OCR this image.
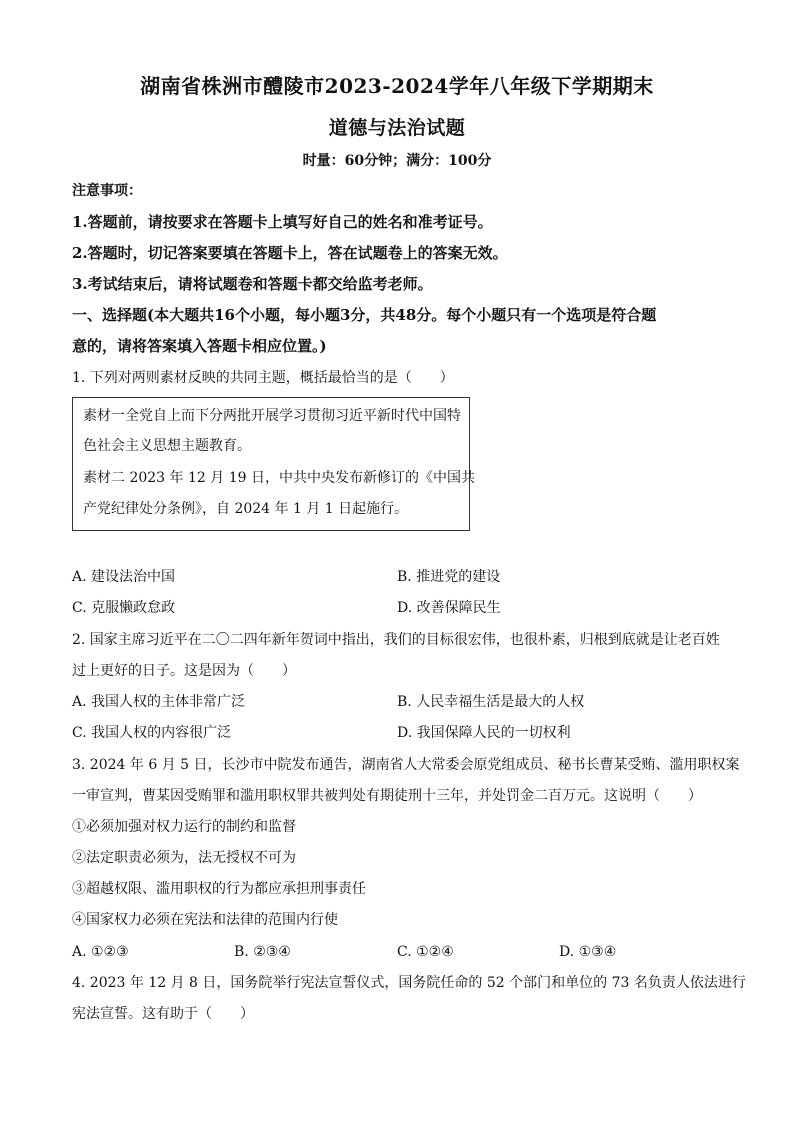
湖南省株洲市醴陵市2023-2024学年八年级下学期期末
道德与法治试题
时量：60分钟；满分：100分
注意事项：
1.答题前，请按要求在答题卡上填写好自己的姓名和准考证号。
2.答题时，切记答案要填在答题卡上，答在试题卷上的答案无效。
3.考试结束后，请将试题卷和答题卡都交给监考老师。
一、选择题(本大题共16个小题，每小题3分，共48分。每个小题只有一个选项是符合题
意的，请将答案填入答题卡相应位置。)
1. 下列对两则素材反映的共同主题，概括最恰当的是（　　）
素材一全党自上而下分两批开展学习贯彻习近平新时代中国特
色社会主义思想主题教育。
素材二 2023 年 12 月 19 日，中共中央发布新修订的《中国共
产党纪律处分条例》，自 2024 年 1 月 1 日起施行。
A. 建设法治中国	B. 推进党的建设
C. 克服懒政怠政	D. 改善保障民生
2. 国家主席习近平在二〇二四年新年贺词中指出，我们的目标很宏伟，也很朴素，归根到底就是让老百姓
过上更好的日子。这是因为（　　）
A. 我国人权的主体非常广泛	B. 人民幸福生活是最大的人权
C. 我国人权的内容很广泛	D. 我国保障人民的一切权利
3. 2024 年 6 月 5 日，长沙市中院发布通告，湖南省人大常委会原党组成员、秘书长曹某受贿、滥用职权案
一审宣判，曹某因受贿罪和滥用职权罪共被判处有期徒刑十三年，并处罚金二百万元。这说明（　　）
①必须加强对权力运行的制约和监督
②法定职责必须为，法无授权不可为
③超越权限、滥用职权的行为都应承担刑事责任
④国家权力必须在宪法和法律的范围内行使
A. ①②③	B. ②③④	C. ①②④	D. ①③④
4. 2023 年 12 月 8 日，国务院举行宪法宣誓仪式，国务院任命的 52 个部门和单位的 73 名负责人依法进行
宪法宣誓。这有助于（　　）
